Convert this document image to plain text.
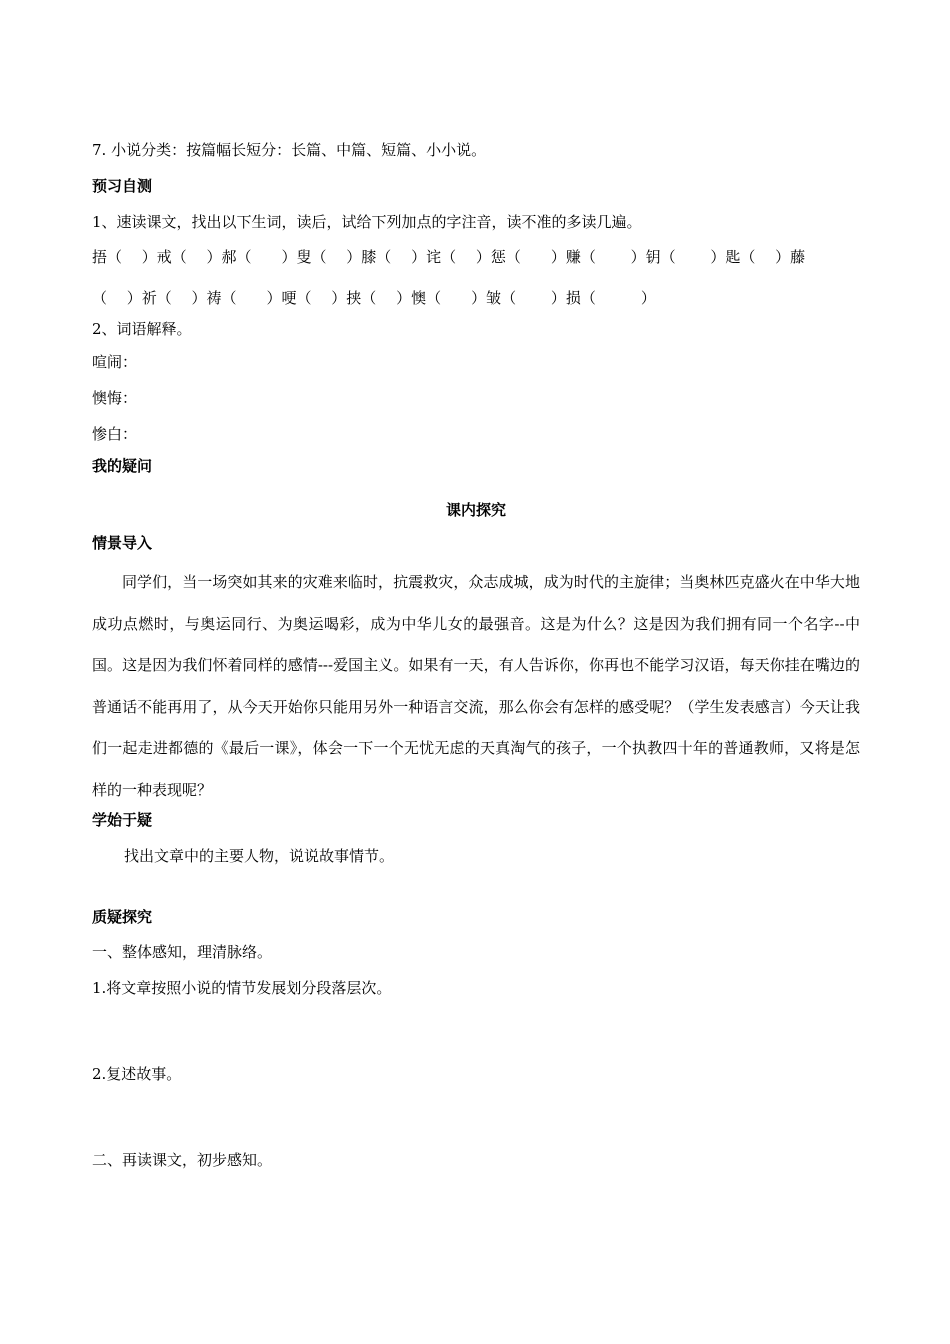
7. 小说分类：按篇幅长短分：长篇、中篇、短篇、小小说。
预习自测
1、速读课文，找出以下生词，读后，试给下列加点的字注音，读不准的多读几遍。
捂（　 ）戒（　 ）郝（　　）叟（　 ）膝（　 ）诧（　 ）惩（　　）赚（　　 ）钥（　　 ）匙（　 ）藤
（　 ）祈（　 ）祷（　　）哽（　 ）挟（　 ）懊（　　）皱（　　 ）损（　　　）
2、词语解释。
喧闹：
懊悔：
惨白：
我的疑问
课内探究
情景导入
同学们，当一场突如其来的灾难来临时，抗震救灾，众志成城，成为时代的主旋律；当奥林匹克盛火在中华大地成功点燃时，与奥运同行、为奥运喝彩，成为中华儿女的最强音。这是为什么？这是因为我们拥有同一个名字--中国。这是因为我们怀着同样的感情---爱国主义。如果有一天，有人告诉你，你再也不能学习汉语，每天你挂在嘴边的普通话不能再用了，从今天开始你只能用另外一种语言交流，那么你会有怎样的感受呢？（学生发表感言）今天让我们一起走进都德的《最后一课》，体会一下一个无忧无虑的天真淘气的孩子，一个执教四十年的普通教师，又将是怎样的一种表现呢？
学始于疑
找出文章中的主要人物，说说故事情节。
质疑探究
一、整体感知，理清脉络。
1.将文章按照小说的情节发展划分段落层次。
2.复述故事。
二、再读课文，初步感知。
